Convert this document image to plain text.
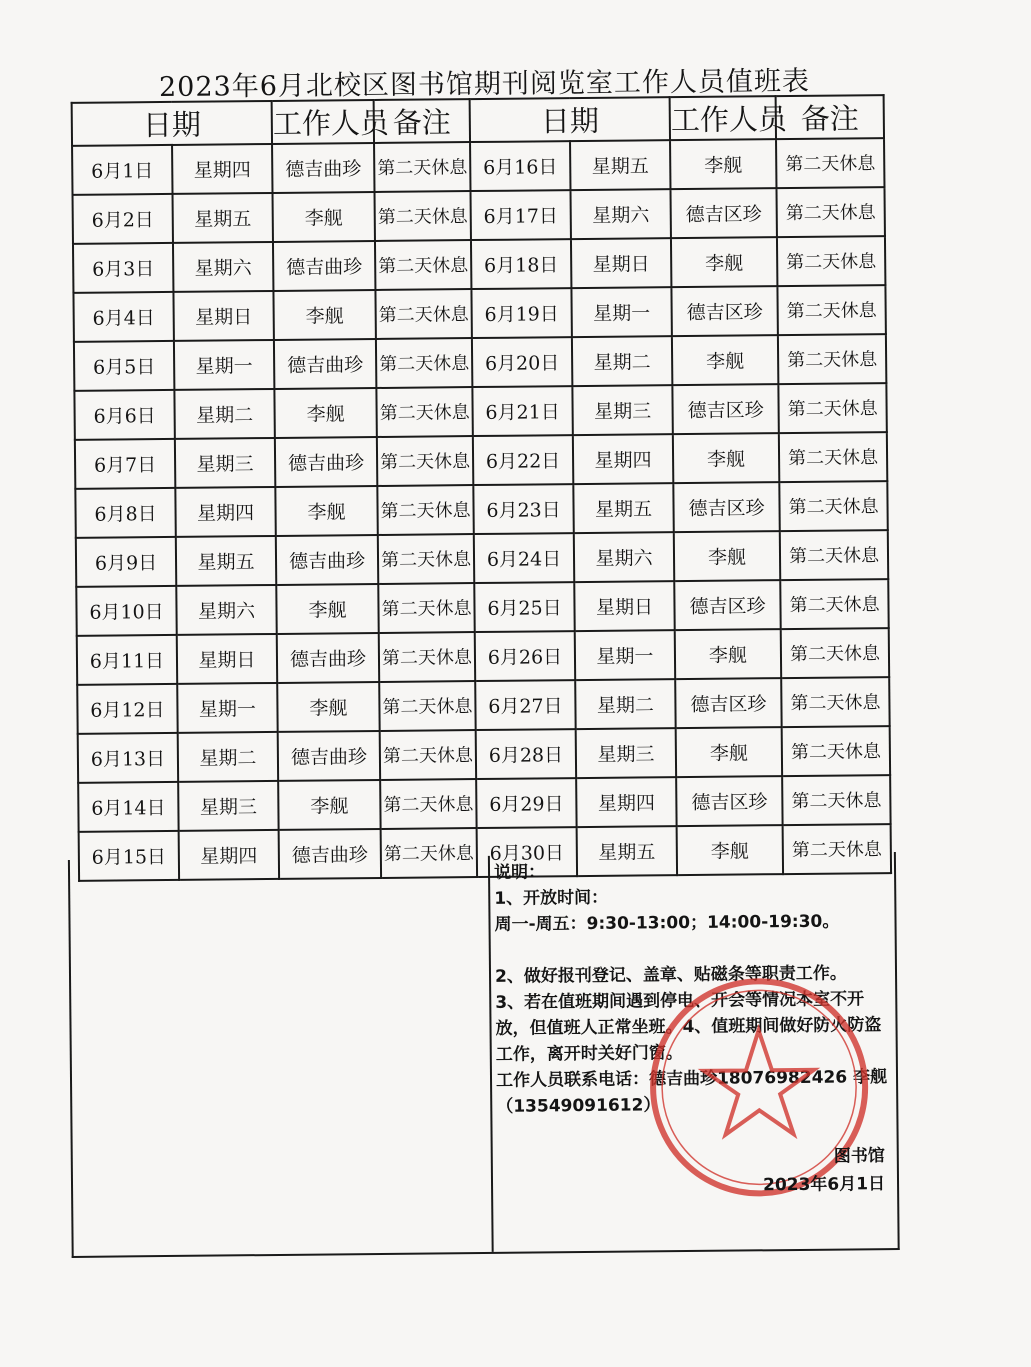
2023年6月北校区图书馆期刊阅览室工作人员值班表
日期		工作人员	备注	日期		工作人员	备注
6月1日	星期四	德吉曲珍	第二天休息	6月16日	星期五	李舰	第二天休息
6月2日	星期五	李舰	第二天休息	6月17日	星期六	德吉区珍	第二天休息
6月3日	星期六	德吉曲珍	第二天休息	6月18日	星期日	李舰	第二天休息
6月4日	星期日	李舰	第二天休息	6月19日	星期一	德吉区珍	第二天休息
6月5日	星期一	德吉曲珍	第二天休息	6月20日	星期二	李舰	第二天休息
6月6日	星期二	李舰	第二天休息	6月21日	星期三	德吉区珍	第二天休息
6月7日	星期三	德吉曲珍	第二天休息	6月22日	星期四	李舰	第二天休息
6月8日	星期四	李舰	第二天休息	6月23日	星期五	德吉区珍	第二天休息
6月9日	星期五	德吉曲珍	第二天休息	6月24日	星期六	李舰	第二天休息
6月10日	星期六	李舰	第二天休息	6月25日	星期日	德吉区珍	第二天休息
6月11日	星期日	德吉曲珍	第二天休息	6月26日	星期一	李舰	第二天休息
6月12日	星期一	李舰	第二天休息	6月27日	星期二	德吉区珍	第二天休息
6月13日	星期二	德吉曲珍	第二天休息	6月28日	星期三	李舰	第二天休息
6月14日	星期三	李舰	第二天休息	6月29日	星期四	德吉区珍	第二天休息
6月15日	星期四	德吉曲珍	第二天休息	6月30日	星期五	李舰	第二天休息

说明：

1、开放时间：

周一-周五：9:30-13:00；14:00-19:30。

2、做好报刊登记、盖章、贴磁条等职责工作。

3、若在值班期间遇到停电、开会等情况本室不开放，但值班人正常坐班。4、值班期间做好防火防盗工作，离开时关好门窗。

工作人员联系电话：德吉曲珍18076982426 李舰（13549091612）

图书馆
2023年6月1日
